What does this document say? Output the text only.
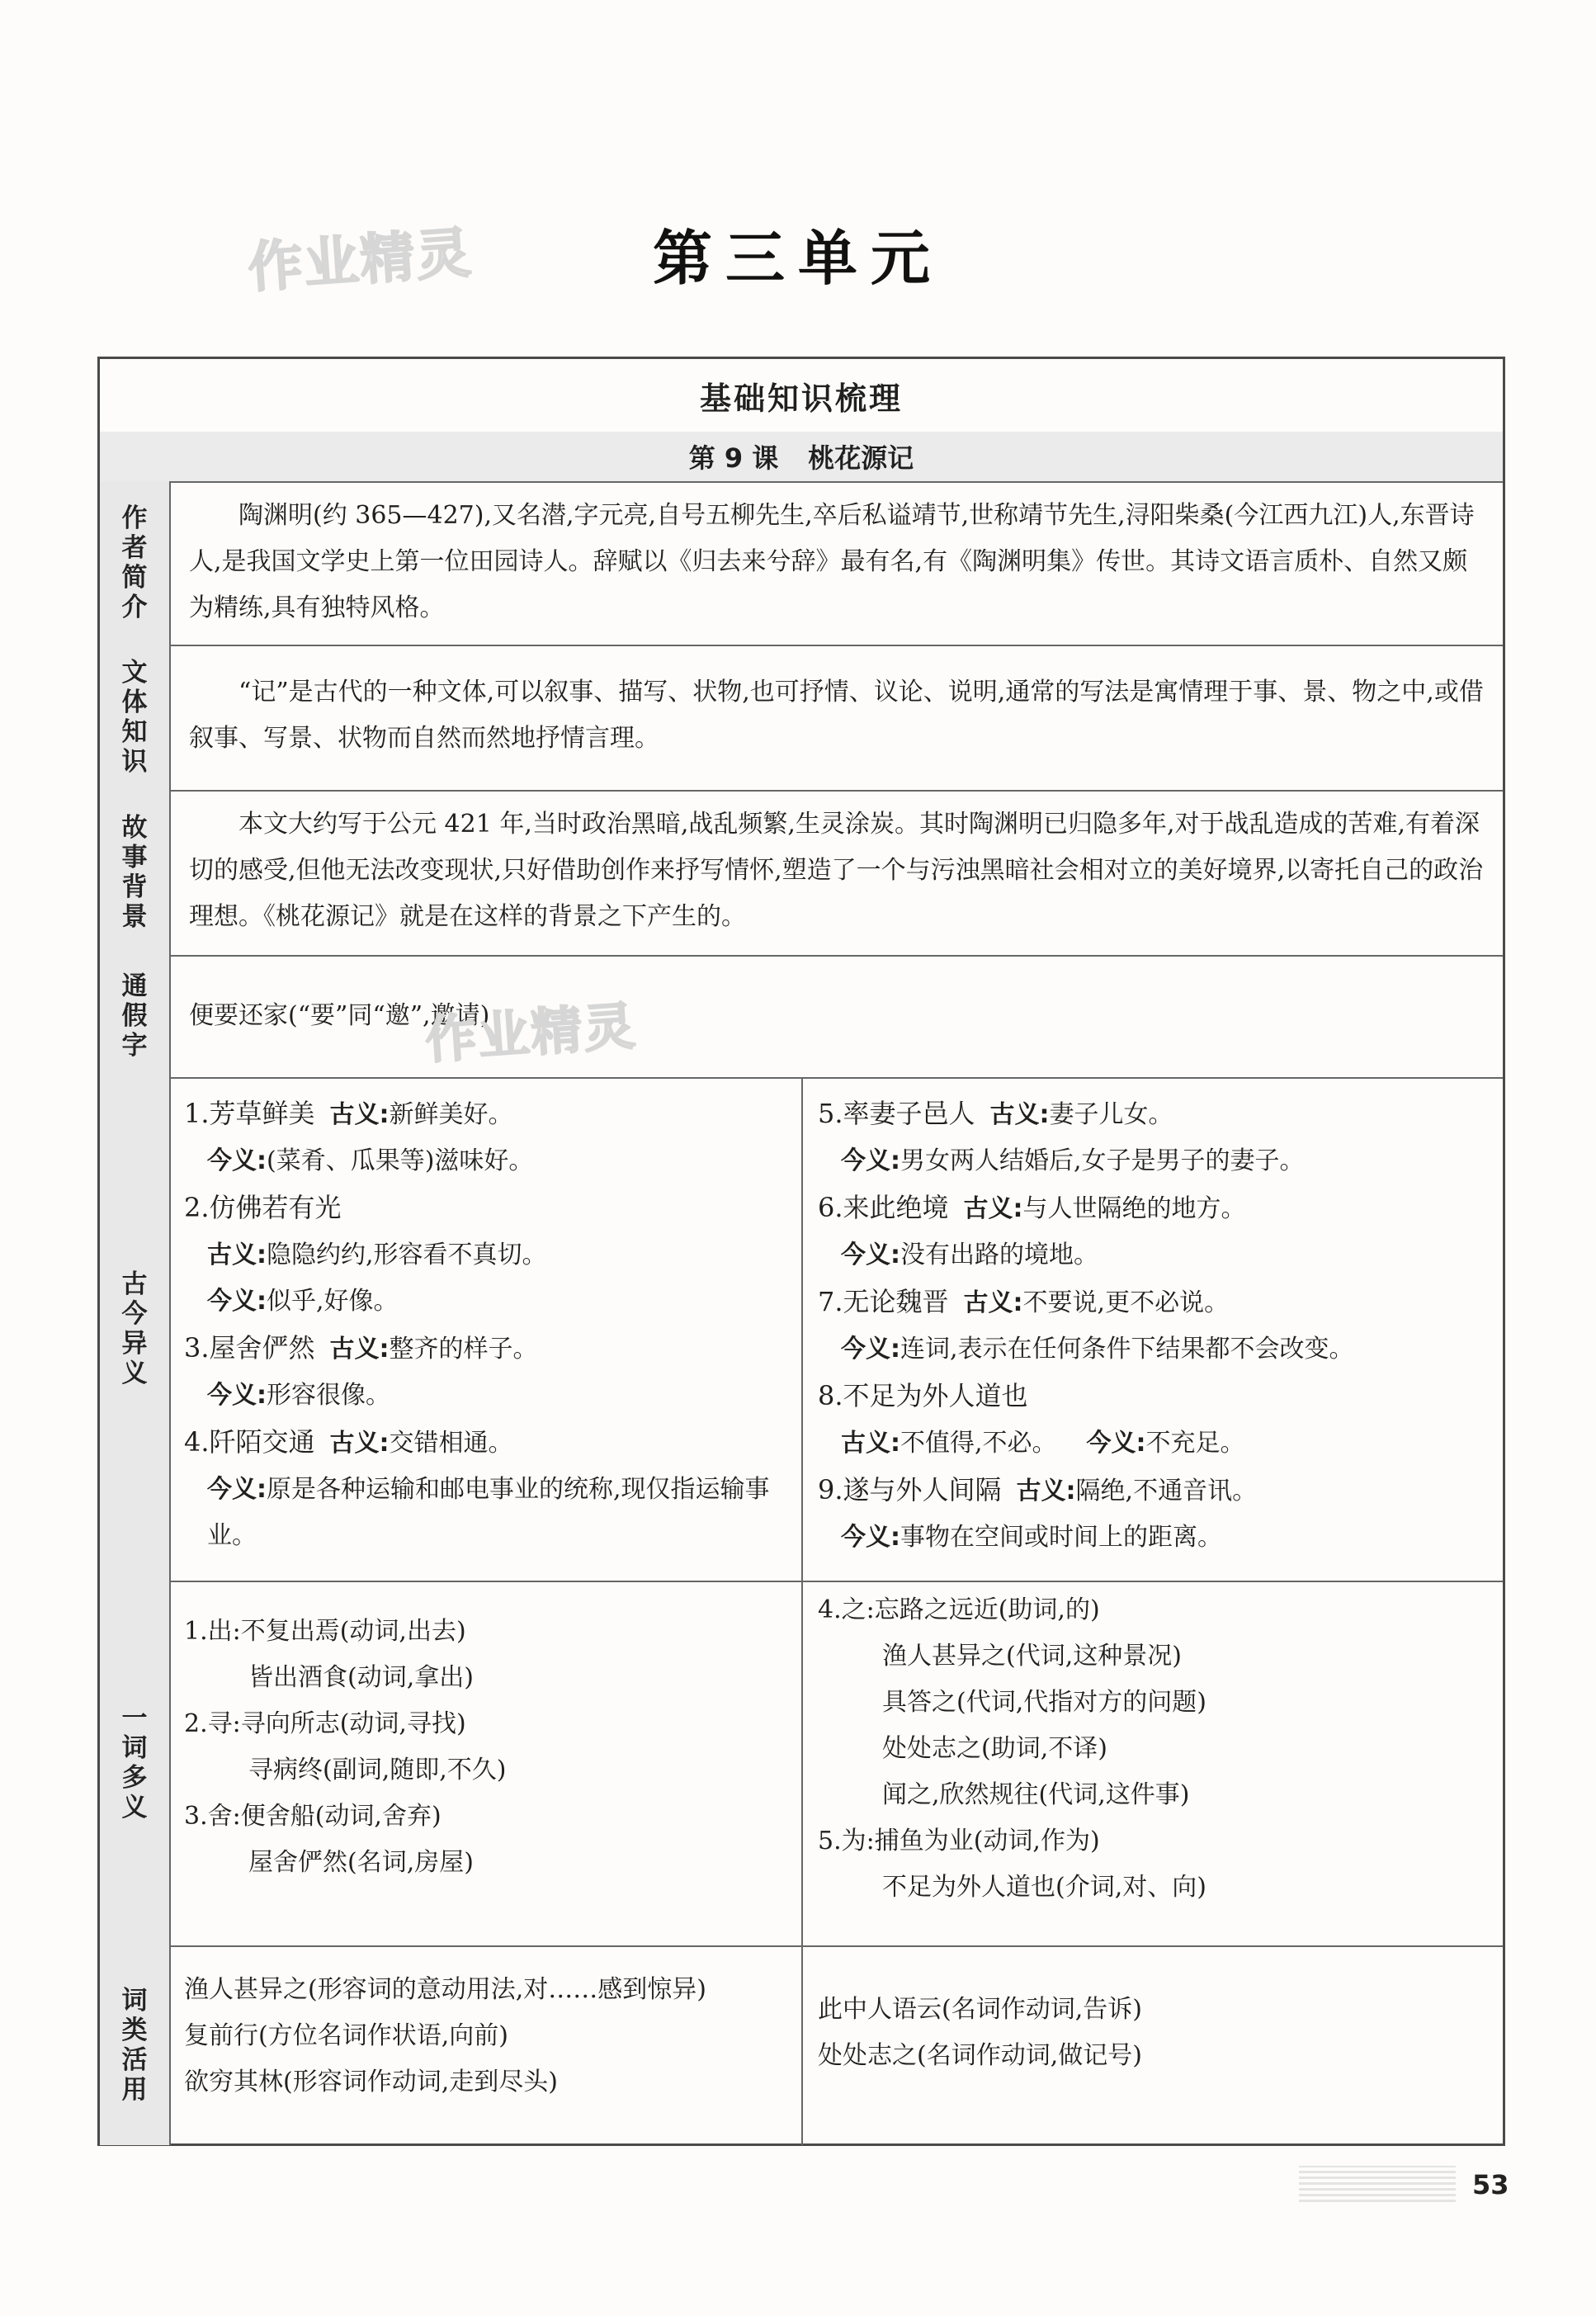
作业精灵	第三单元
基础知识梳理
第 9 课 桃花源记
作者简介

陶渊明(约 365—427),又名潜,字元亮,自号五柳先生,卒后私谥靖节,世称靖节先生,浔阳柴桑(今江西九江)人,东晋诗人,是我国文学史上第一位田园诗人。辞赋以《归去来兮辞》最有名,有《陶渊明集》传世。其诗文语言质朴、自然又颇为精练,具有独特风格。

文体知识

“记”是古代的一种文体,可以叙事、描写、状物,也可抒情、议论、说明,通常的写法是寓情理于事、景、物之中,或借叙事、写景、状物而自然而然地抒情言理。

故事背景

本文大约写于公元 421 年,当时政治黑暗,战乱频繁,生灵涂炭。其时陶渊明已归隐多年,对于战乱造成的苦难,有着深切的感受,但他无法改变现状,只好借助创作来抒写情怀,塑造了一个与污浊黑暗社会相对立的美好境界,以寄托自己的政治理想。《桃花源记》就是在这样的背景之下产生的。

通假字

便要还家(“要”同“邀”,邀请)

古今异义

1.芳草鲜美 古义:新鲜美好。

今义:(菜肴、瓜果等)滋味好。

2.仿佛若有光

古义:隐隐约约,形容看不真切。

今义:似乎,好像。

3.屋舍俨然 古义:整齐的样子。

今义:形容很像。

4.阡陌交通 古义:交错相通。

今义:原是各种运输和邮电事业的统称,现仅指运输事业。

5.率妻子邑人 古义:妻子儿女。

今义:男女两人结婚后,女子是男子的妻子。

6.来此绝境 古义:与人世隔绝的地方。

今义:没有出路的境地。

7.无论魏晋 古义:不要说,更不必说。

今义:连词,表示在任何条件下结果都不会改变。

8.不足为外人道也

古义:不值得,不必。 今义:不充足。

9.遂与外人间隔 古义:隔绝,不通音讯。

今义:事物在空间或时间上的距离。

一词多义

1.出:不复出焉(动词,出去)

皆出酒食(动词,拿出)

2.寻:寻向所志(动词,寻找)

寻病终(副词,随即,不久)

3.舍:便舍船(动词,舍弃)

屋舍俨然(名词,房屋)

4.之:忘路之远近(助词,的)

渔人甚异之(代词,这种景况)

具答之(代词,代指对方的问题)

处处志之(助词,不译)

闻之,欣然规往(代词,这件事)

5.为:捕鱼为业(动词,作为)

不足为外人道也(介词,对、向)

词类活用

渔人甚异之(形容词的意动用法,对……感到惊异)

复前行(方位名词作状语,向前)

欲穷其林(形容词作动词,走到尽头)

此中人语云(名词作动词,告诉)

处处志之(名词作动词,做记号)

作业精灵
53
